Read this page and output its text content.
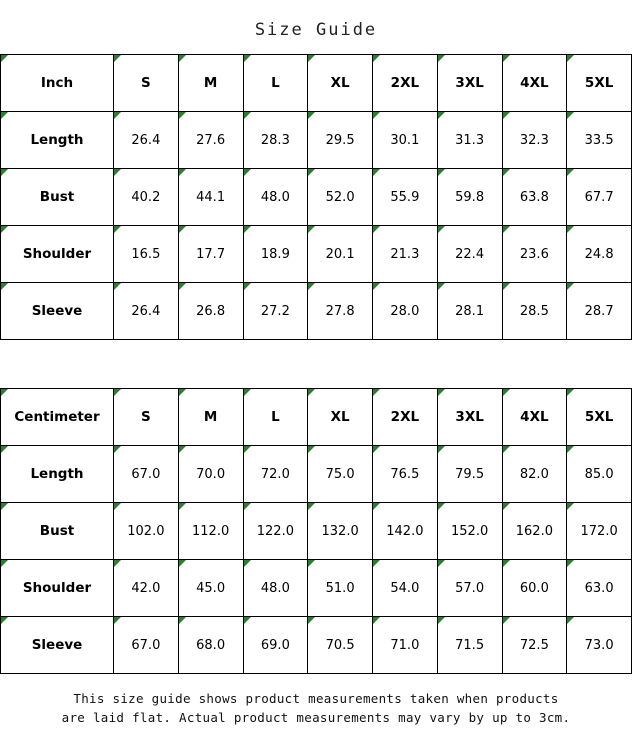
Size Guide
Inch	S	M	L	XL	2XL	3XL	4XL	5XL
Length	26.4	27.6	28.3	29.5	30.1	31.3	32.3	33.5
Bust	40.2	44.1	48.0	52.0	55.9	59.8	63.8	67.7
Shoulder	16.5	17.7	18.9	20.1	21.3	22.4	23.6	24.8
Sleeve	26.4	26.8	27.2	27.8	28.0	28.1	28.5	28.7
Centimeter	S	M	L	XL	2XL	3XL	4XL	5XL
Length	67.0	70.0	72.0	75.0	76.5	79.5	82.0	85.0
Bust	102.0	112.0	122.0	132.0	142.0	152.0	162.0	172.0
Shoulder	42.0	45.0	48.0	51.0	54.0	57.0	60.0	63.0
Sleeve	67.0	68.0	69.0	70.5	71.0	71.5	72.5	73.0
This size guide shows product measurements taken when products
are laid flat. Actual product measurements may vary by up to 3cm.
